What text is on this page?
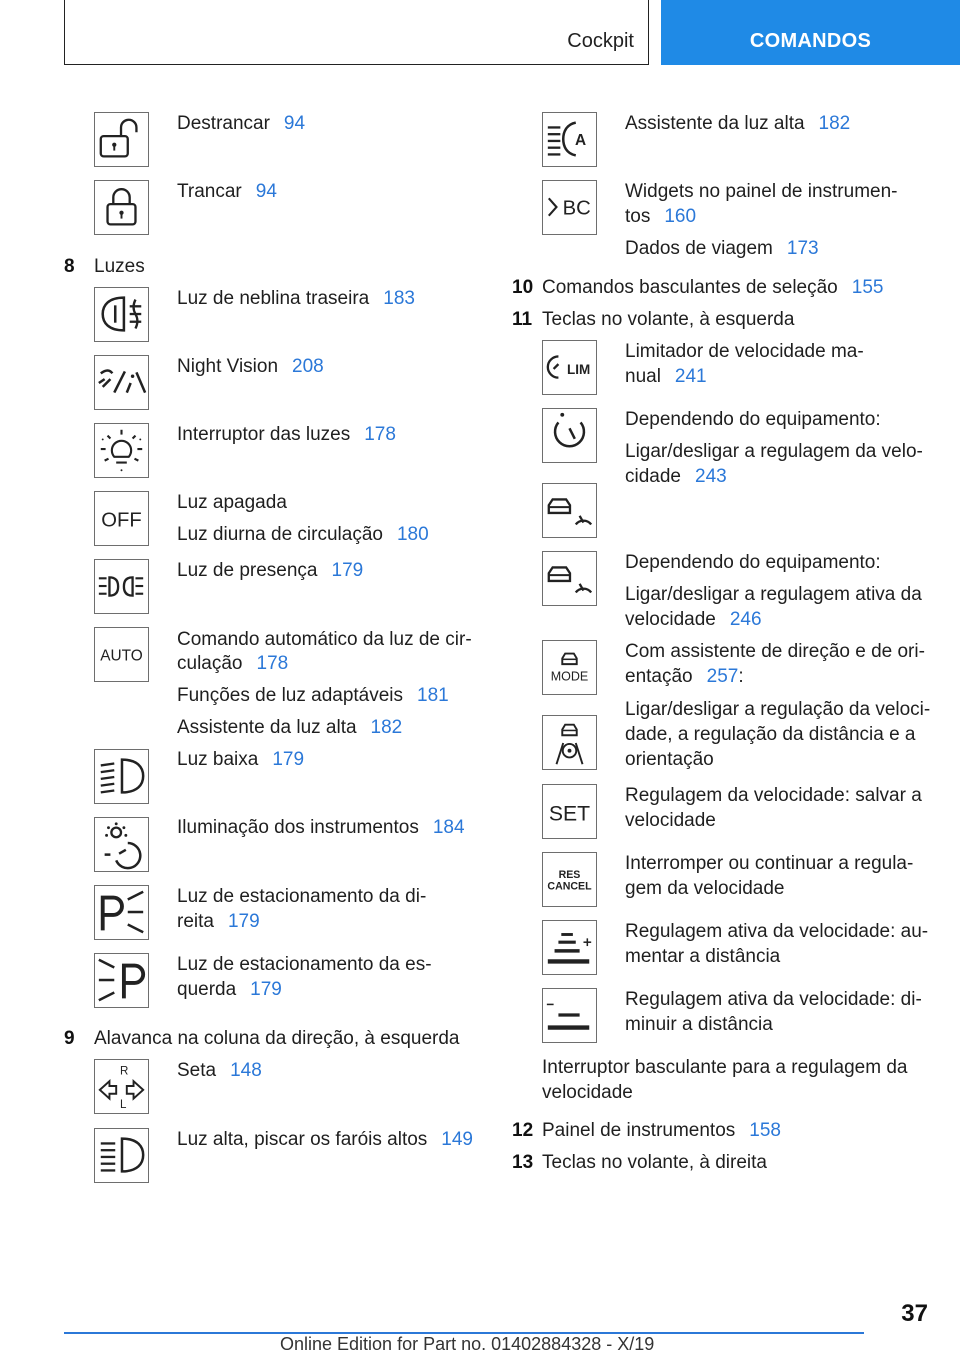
Cockpit	COMANDOS
Destrancar 94
Trancar 94
8 Luzes
Luz de neblina traseira 183
Night Vision 208
Interruptor das luzes 178
OFF
Luz apagada
Luz diurna de circulação 180
Luz de presença 179
AUTO
Comando automático da luz de cir-
culação 178
Funções de luz adaptáveis 181
Assistente da luz alta 182
Luz baixa 179
Iluminação dos instrumentos 184
Luz de estacionamento da di-
reita 179
Luz de estacionamento da es-
querda 179
9 Alavanca na coluna da direção, à esquerda
R
L
Seta 148
Luz alta, piscar os faróis altos 149
A
Assistente da luz alta 182
BC
Widgets no painel de instrumen-
tos 160
Dados de viagem 173
10 Comandos basculantes de seleção 155
11 Teclas no volante, à esquerda
LIM
Limitador de velocidade ma-
nual 241
Dependendo do equipamento:
Ligar/desligar a regulagem da velo-
cidade 243
Dependendo do equipamento:
Ligar/desligar a regulagem ativa da
velocidade 246
MODE
Com assistente de direção e de ori-
entação 257:
Ligar/desligar a regulação da veloci-
dade, a regulação da distância e a
orientação
SET
Regulagem da velocidade: salvar a
velocidade
RES
CANCEL
Interromper ou continuar a regula-
gem da velocidade
Regulagem ativa da velocidade: au-
mentar a distância
Regulagem ativa da velocidade: di-
minuir a distância
Interruptor basculante para a regulagem da
velocidade
12 Painel de instrumentos 158
13 Teclas no volante, à direita
37
Online Edition for Part no. 01402884328 - X/19
